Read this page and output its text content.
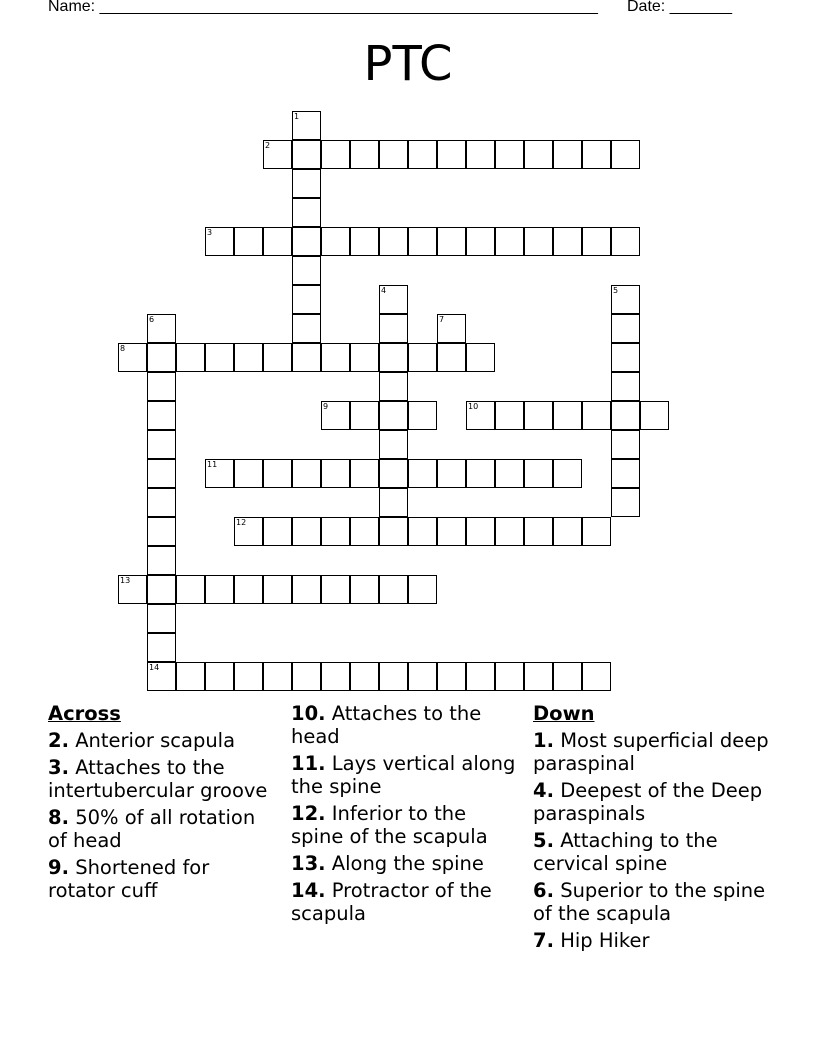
Name: ________________________________________________________ Date: _______
PTC
1
2
3
4	5
6
14
7
8
9	10
11
12
13
Across
2. Anterior scapula
3. Attaches to the intertubercular groove
8. 50% of all rotation of head
9. Shortened for rotator cuff
10. Attaches to the head
11. Lays vertical along the spine
12. Inferior to the spine of the scapula
13. Along the spine
14. Protractor of the scapula
Down
1. Most superficial deep paraspinal
4. Deepest of the Deep paraspinals
5. Attaching to the cervical spine
6. Superior to the spine of the scapula
7. Hip Hiker
